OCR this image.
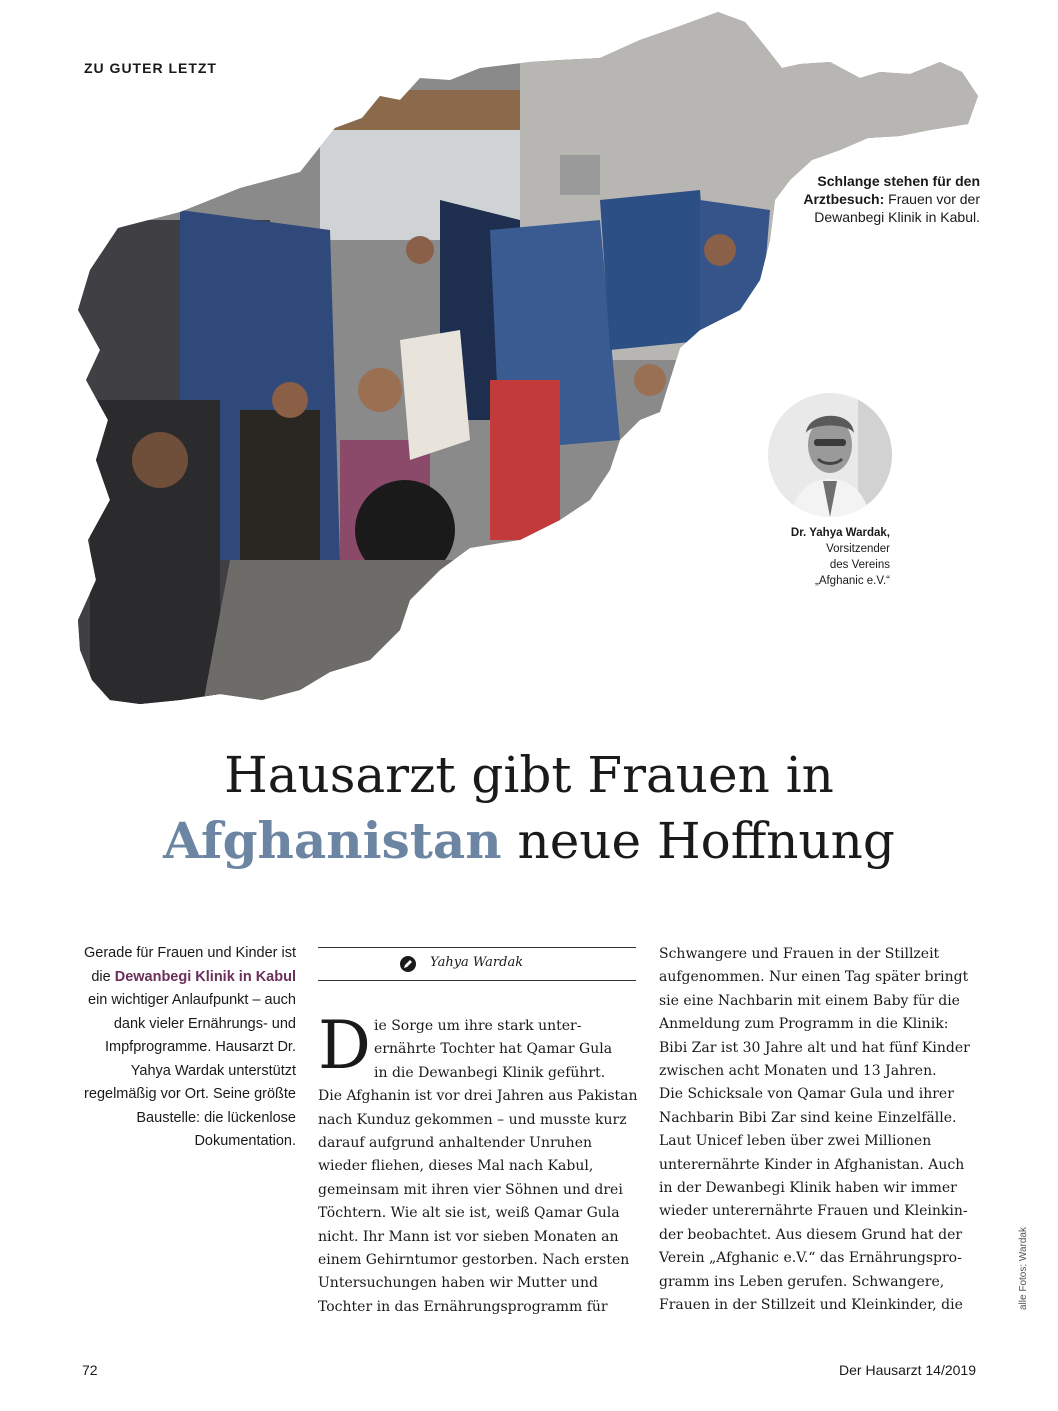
ZU GUTER LETZT
Schlange stehen für den Arztbesuch: Frauen vor der Dewanbegi Klinik in Kabul.
Dr. Yahya Wardak,
Vorsitzender
des Vereins
„Afghanic e.V.“
Hausarzt gibt Frauen in
Afghanistan neue Hoffnung
Gerade für Frauen und Kinder ist die Dewanbegi Klinik in Kabul ein wichtiger Anlaufpunkt – auch dank vieler Ernährungs- und Impfprogramme. Hausarzt Dr. Yahya Wardak unterstützt regelmäßig vor Ort. Seine größte Baustelle: die lückenlose Dokumentation.
Yahya Wardak
D ie Sorge um ihre stark unter-

ernährte Tochter hat Qamar Gula

in die Dewanbegi Klinik geführt.

Die Afghanin ist vor drei Jahren aus Pakistan

nach Kunduz gekommen – und musste kurz

darauf aufgrund anhaltender Unruhen

wieder fliehen, dieses Mal nach Kabul,

gemeinsam mit ihren vier Söhnen und drei

Töchtern. Wie alt sie ist, weiß Qamar Gula

nicht. Ihr Mann ist vor sieben Monaten an

einem Gehirntumor gestorben. Nach ersten

Untersuchungen haben wir Mutter und

Tochter in das Ernährungsprogramm für

Schwangere und Frauen in der Stillzeit

aufgenommen. Nur einen Tag später bringt

sie eine Nachbarin mit einem Baby für die

Anmeldung zum Programm in die Klinik:

Bibi Zar ist 30 Jahre alt und hat fünf Kinder

zwischen acht Monaten und 13 Jahren.

Die Schicksale von Qamar Gula und ihrer

Nachbarin Bibi Zar sind keine Einzelfälle.

Laut Unicef leben über zwei Millionen

unterernährte Kinder in Afghanistan. Auch

in der Dewanbegi Klinik haben wir immer

wieder unterernährte Frauen und Kleinkin-

der beobachtet. Aus diesem Grund hat der

Verein „Afghanic e.V.“ das Ernährungspro-

gramm ins Leben gerufen. Schwangere,

Frauen in der Stillzeit und Kleinkinder, die	alle Fotos: Wardak
72	Der Hausarzt 14/2019
